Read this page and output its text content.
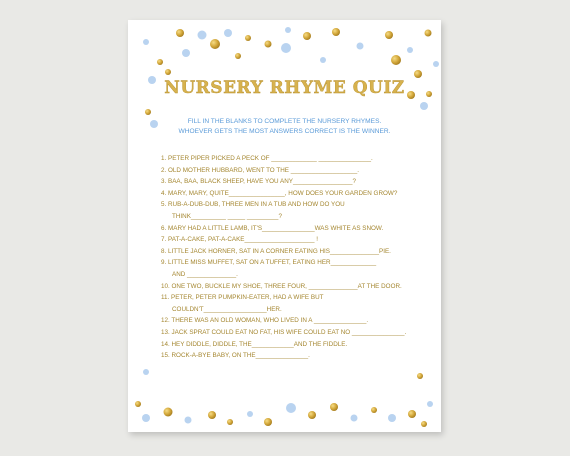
NURSERY RHYME QUIZ
FILL IN THE BLANKS TO COMPLETE THE NURSERY RHYMES.
WHOEVER GETS THE MOST ANSWERS CORRECT IS THE WINNER.
1. PETER PIPER PICKED A PECK OF _____________ _______________.
2. OLD MOTHER HUBBARD, WENT TO THE ___________________.
3. BAA, BAA, BLACK SHEEP, HAVE YOU ANY_________________?
4. MARY, MARY, QUITE________________, HOW DOES YOUR GARDEN GROW?
5. RUB-A-DUB-DUB, THREE MEN IN A TUB AND HOW DO YOU
THINK__________ _____ _________?
6. MARY HAD A LITTLE LAMB, IT'S_______________WAS WHITE AS SNOW.
7. PAT-A-CAKE, PAT-A-CAKE____________________ !
8. LITTLE JACK HORNER, SAT IN A CORNER EATING HIS______________PIE.
9. LITTLE MISS MUFFET, SAT ON A TUFFET, EATING HER_____________
AND ______________.
10. ONE TWO, BUCKLE MY SHOE, THREE FOUR, ______________AT THE DOOR.
11. PETER, PETER PUMPKIN-EATER, HAD A WIFE BUT
COULDN'T__________________HER.
12. THERE WAS AN OLD WOMAN, WHO LIVED IN A _______________.
13. JACK SPRAT COULD EAT NO FAT, HIS WIFE COULD EAT NO _______________.
14. HEY DIDDLE, DIDDLE, THE____________AND THE FIDDLE.
15. ROCK-A-BYE BABY, ON THE_______________.
